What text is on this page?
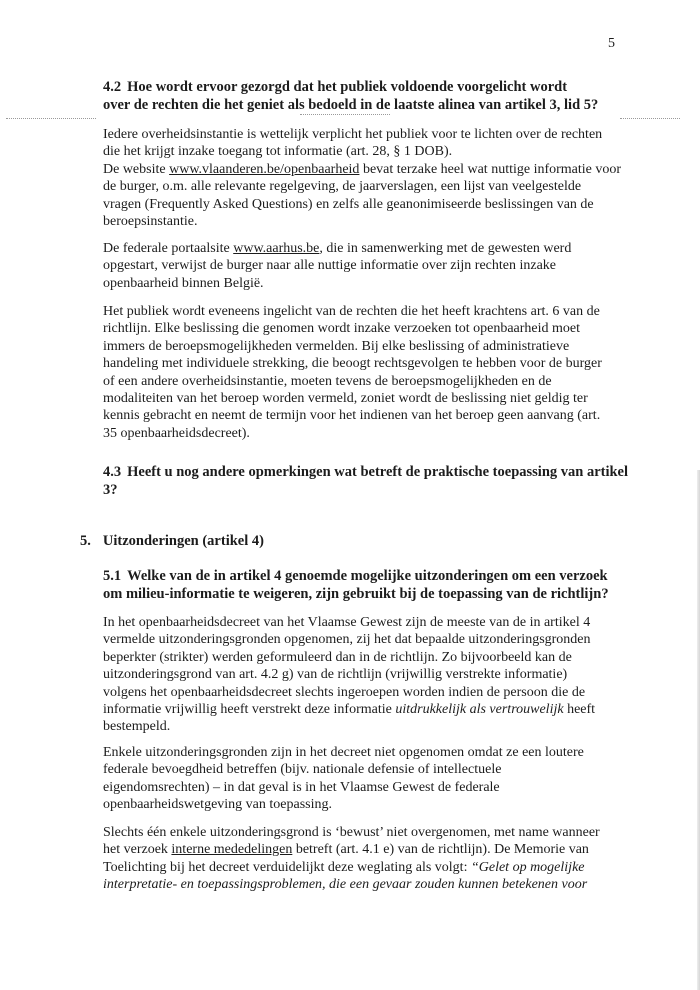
5
4.2 Hoe wordt ervoor gezorgd dat het publiek voldoende voorgelicht wordt
over de rechten die het geniet als bedoeld in de laatste alinea van artikel 3, lid 5?
Iedere overheidsinstantie is wettelijk verplicht het publiek voor te lichten over de rechten
die het krijgt inzake toegang tot informatie (art. 28, § 1 DOB).
De website www.vlaanderen.be/openbaarheid bevat terzake heel wat nuttige informatie voor
de burger, o.m. alle relevante regelgeving, de jaarverslagen, een lijst van veelgestelde
vragen (Frequently Asked Questions) en zelfs alle geanonimiseerde beslissingen van de
beroepsinstantie.
De federale portaalsite www.aarhus.be, die in samenwerking met de gewesten werd
opgestart, verwijst de burger naar alle nuttige informatie over zijn rechten inzake
openbaarheid binnen België.
Het publiek wordt eveneens ingelicht van de rechten die het heeft krachtens art. 6 van de
richtlijn. Elke beslissing die genomen wordt inzake verzoeken tot openbaarheid moet
immers de beroepsmogelijkheden vermelden. Bij elke beslissing of administratieve
handeling met individuele strekking, die beoogt rechtsgevolgen te hebben voor de burger
of een andere overheidsinstantie, moeten tevens de beroepsmogelijkheden en de
modaliteiten van het beroep worden vermeld, zoniet wordt de beslissing niet geldig ter
kennis gebracht en neemt de termijn voor het indienen van het beroep geen aanvang (art.
35 openbaarheidsdecreet).
4.3 Heeft u nog andere opmerkingen wat betreft de praktische toepassing van artikel
3?
5. Uitzonderingen (artikel 4)
5.1 Welke van de in artikel 4 genoemde mogelijke uitzonderingen om een verzoek
om milieu-informatie te weigeren, zijn gebruikt bij de toepassing van de richtlijn?
In het openbaarheidsdecreet van het Vlaamse Gewest zijn de meeste van de in artikel 4
vermelde uitzonderingsgronden opgenomen, zij het dat bepaalde uitzonderingsgronden
beperkter (strikter) werden geformuleerd dan in de richtlijn. Zo bijvoorbeeld kan de
uitzonderingsgrond van art. 4.2 g) van de richtlijn (vrijwillig verstrekte informatie)
volgens het openbaarheidsdecreet slechts ingeroepen worden indien de persoon die de
informatie vrijwillig heeft verstrekt deze informatie uitdrukkelijk als vertrouwelijk heeft
bestempeld.
Enkele uitzonderingsgronden zijn in het decreet niet opgenomen omdat ze een loutere
federale bevoegdheid betreffen (bijv. nationale defensie of intellectuele
eigendomsrechten) – in dat geval is in het Vlaamse Gewest de federale
openbaarheidswetgeving van toepassing.
Slechts één enkele uitzonderingsgrond is ‘bewust’ niet overgenomen, met name wanneer
het verzoek interne mededelingen betreft (art. 4.1 e) van de richtlijn). De Memorie van
Toelichting bij het decreet verduidelijkt deze weglating als volgt: “Gelet op mogelijke
interpretatie- en toepassingsproblemen, die een gevaar zouden kunnen betekenen voor
